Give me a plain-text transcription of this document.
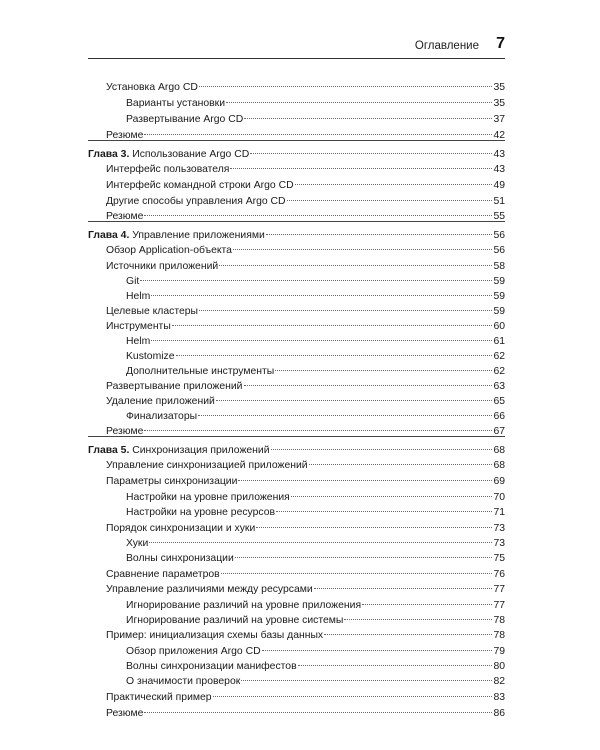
Оглавление 7
Установка Argo CD	35
Варианты установки	35
Развертывание Argo CD	37
Резюме	42
Глава 3. Использование Argo CD	43
Интерфейс пользователя	43
Интерфейс командной строки Argo CD	49
Другие способы управления Argo CD	51
Резюме	55
Глава 4. Управление приложениями	56
Обзор Application-объекта	56
Источники приложений	58
Git	59
Helm	59
Целевые кластеры	59
Инструменты	60
Helm	61
Kustomize	62
Дополнительные инструменты	62
Развертывание приложений	63
Удаление приложений	65
Финализаторы	66
Резюме	67
Глава 5. Синхронизация приложений	68
Управление синхронизацией приложений	68
Параметры синхронизации	69
Настройки на уровне приложения	70
Настройки на уровне ресурсов	71
Порядок синхронизации и хуки	73
Хуки	73
Волны синхронизации	75
Сравнение параметров	76
Управление различиями между ресурсами	77
Игнорирование различий на уровне приложения	77
Игнорирование различий на уровне системы	78
Пример: инициализация схемы базы данных	78
Обзор приложения Argo CD	79
Волны синхронизации манифестов	80
О значимости проверок	82
Практический пример	83
Резюме	86
